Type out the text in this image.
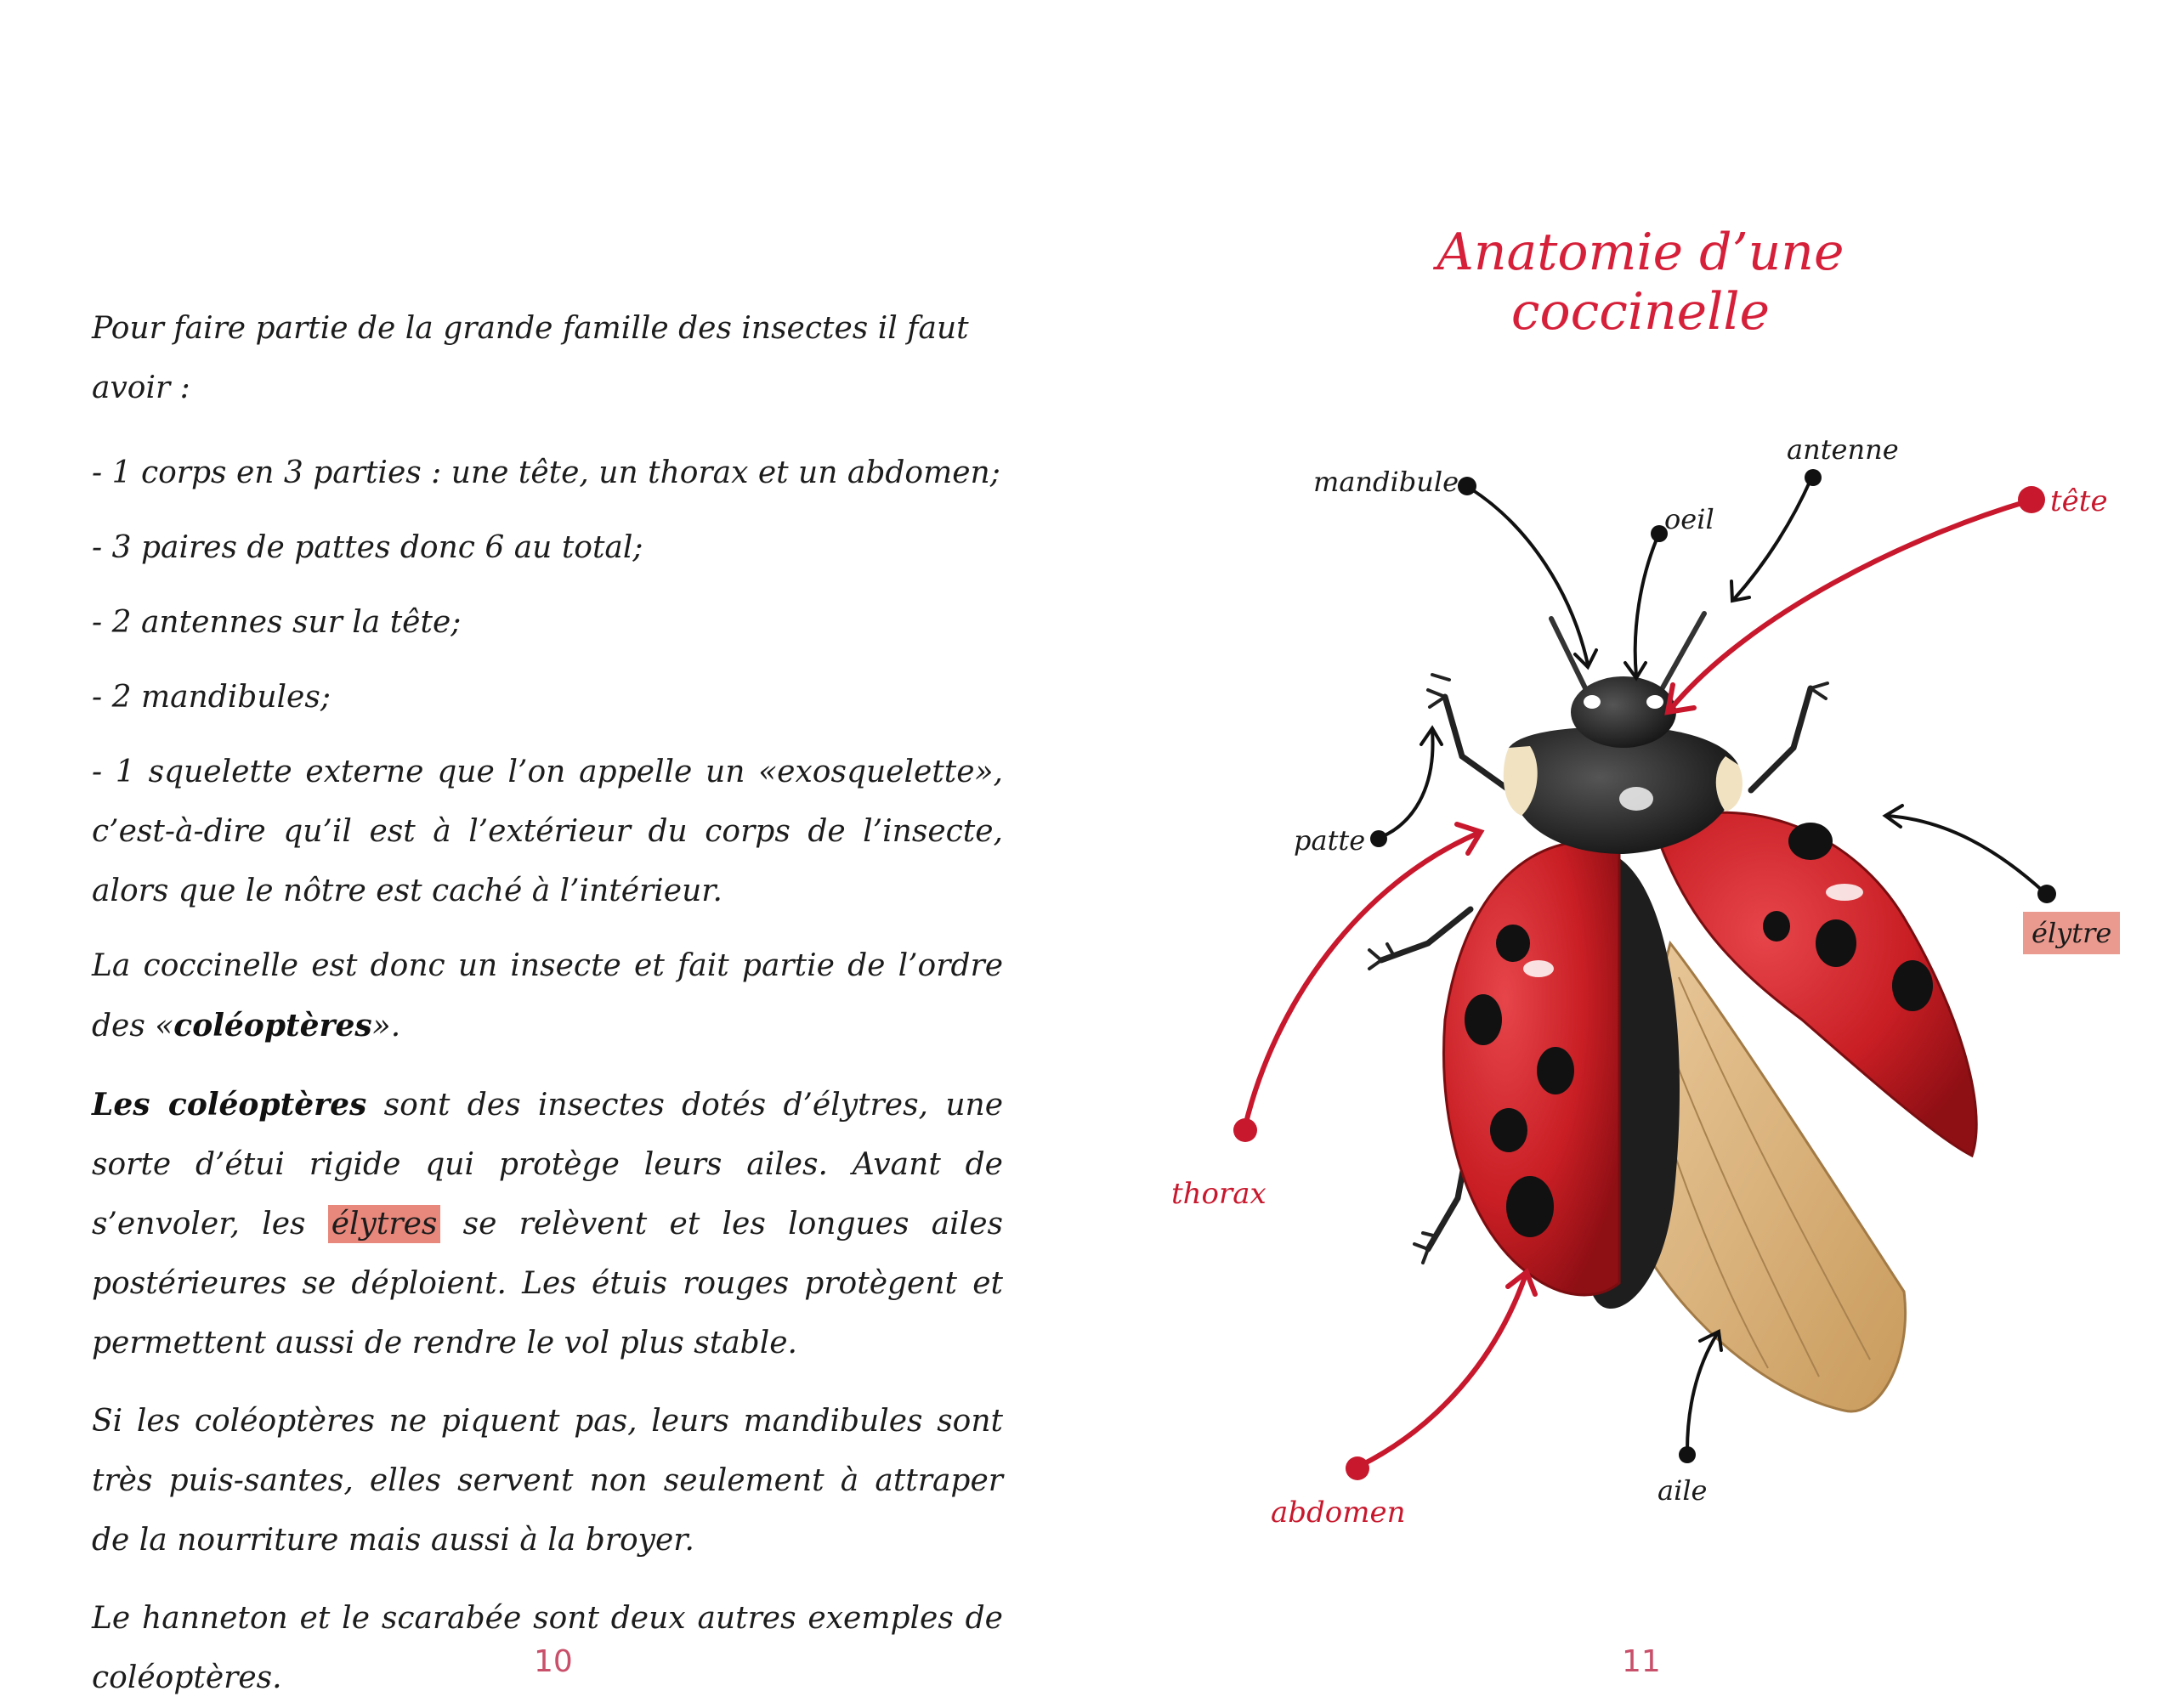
Pour faire partie de la grande famille des insectes il faut avoir :

- 1 corps en 3 parties : une tête, un thorax et un abdomen;

- 3 paires de pattes donc 6 au total;

- 2 antennes sur la tête;

- 2 mandibules;

- 1 squelette externe que l’on appelle un «exosquelette», c’est-à-dire qu’il est à l’extérieur du corps de l’insecte, alors que le nôtre est caché à l’intérieur.

La coccinelle est donc un insecte et fait partie de l’ordre des «coléoptères».

Les coléoptères sont des insectes dotés d’élytres, une sorte d’étui rigide qui protège leurs ailes. Avant de s’envoler, les élytres se relèvent et les longues ailes postérieures se déploient. Les étuis rouges protègent et permettent aussi de rendre le vol plus stable.

Si les coléoptères ne piquent pas, leurs mandibules sont très puis-santes, elles servent non seulement à attraper de la nourriture mais aussi à la broyer.

Le hanneton et le scarabée sont deux autres exemples de coléoptères.	10
Anatomie d’une coccinelle
mandibule
antenne
oeil
tête
patte
élytre
thorax
abdomen
aile
11
